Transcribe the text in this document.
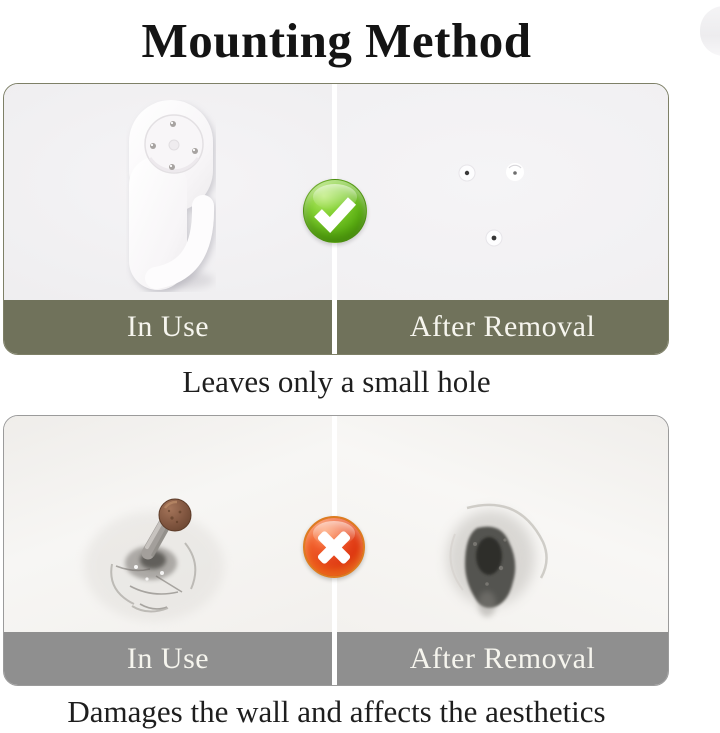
Mounting Method
In Use	After Removal
Leaves only a small hole
In Use	After Removal
Damages the wall and affects the aesthetics
